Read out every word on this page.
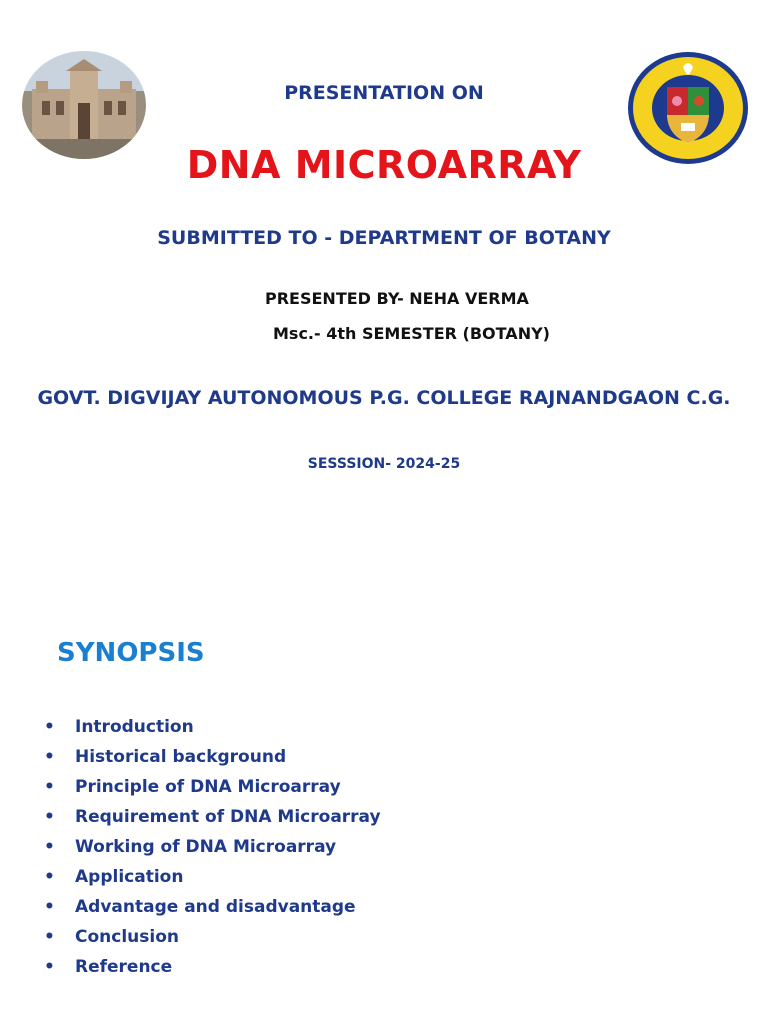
PRESENTATION ON
DNA MICROARRAY
SUBMITTED TO - DEPARTMENT OF BOTANY
PRESENTED BY- NEHA VERMA
Msc.- 4th SEMESTER (BOTANY)
GOVT. DIGVIJAY AUTONOMOUS P.G. COLLEGE RAJNANDGAON C.G.
SESSSION- 2024-25
SYNOPSIS
• Introduction
• Historical background
• Principle of DNA Microarray
• Requirement of DNA Microarray
• Working of DNA Microarray
• Application
• Advantage and disadvantage
• Conclusion
• Reference
